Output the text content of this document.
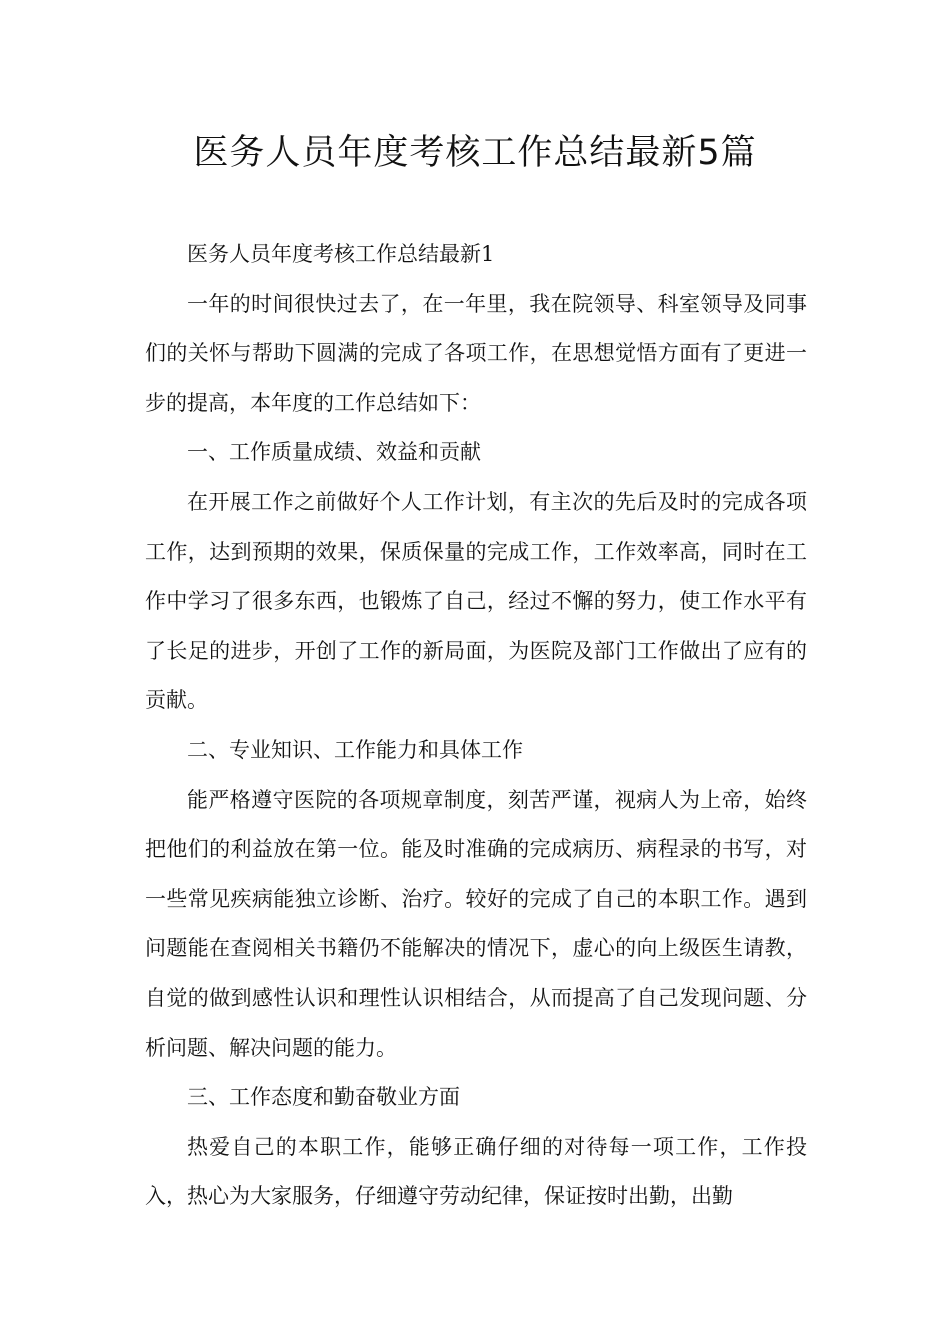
医务人员年度考核工作总结最新5篇

医务人员年度考核工作总结最新1

一年的时间很快过去了，在一年里，我在院领导、科室领导及同事们的关怀与帮助下圆满的完成了各项工作，在思想觉悟方面有了更进一步的提高，本年度的工作总结如下：

一、工作质量成绩、效益和贡献

在开展工作之前做好个人工作计划，有主次的先后及时的完成各项工作，达到预期的效果，保质保量的完成工作，工作效率高，同时在工作中学习了很多东西，也锻炼了自己，经过不懈的努力，使工作水平有了长足的进步，开创了工作的新局面，为医院及部门工作做出了应有的贡献。

二、专业知识、工作能力和具体工作

能严格遵守医院的各项规章制度，刻苦严谨，视病人为上帝，始终把他们的利益放在第一位。能及时准确的完成病历、病程录的书写，对一些常见疾病能独立诊断、治疗。较好的完成了自己的本职工作。遇到问题能在查阅相关书籍仍不能解决的情况下，虚心的向上级医生请教，自觉的做到感性认识和理性认识相结合，从而提高了自己发现问题、分析问题、解决问题的能力。

三、工作态度和勤奋敬业方面

热爱自己的本职工作，能够正确仔细的对待每一项工作，工作投入，热心为大家服务，仔细遵守劳动纪律，保证按时出勤，出勤
